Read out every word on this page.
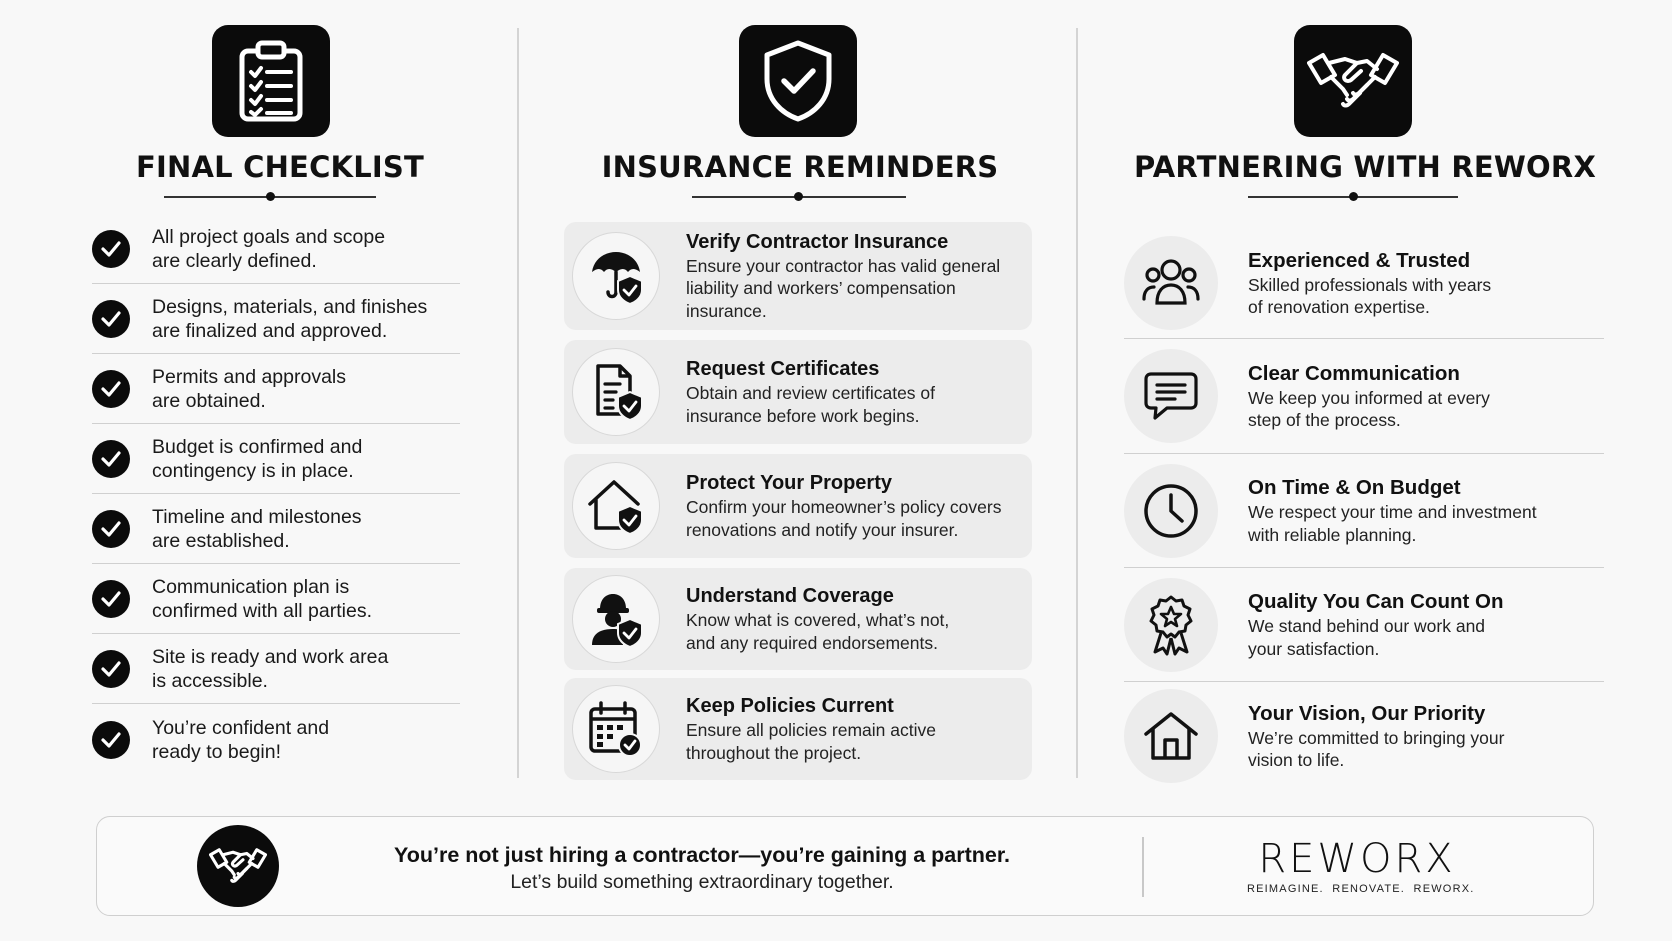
FINAL CHECKLIST
All project goals and scope
are clearly defined.
Designs, materials, and finishes
are finalized and approved.
Permits and approvals
are obtained.
Budget is confirmed and
contingency is in place.
Timeline and milestones
are established.
Communication plan is
confirmed with all parties.
Site is ready and work area
is accessible.
You’re confident and
ready to begin!
INSURANCE REMINDERS
Verify Contractor Insurance
Ensure your contractor has valid general
liability and workers’ compensation
insurance.
Request Certificates
Obtain and review certificates of
insurance before work begins.
Protect Your Property
Confirm your homeowner’s policy covers
renovations and notify your insurer.
Understand Coverage
Know what is covered, what’s not,
and any required endorsements.
Keep Policies Current
Ensure all policies remain active
throughout the project.
PARTNERING WITH REWORX
Experienced & Trusted
Skilled professionals with years
of renovation expertise.
Clear Communication
We keep you informed at every
step of the process.
On Time & On Budget
We respect your time and investment
with reliable planning.
Quality You Can Count On
We stand behind our work and
your satisfaction.
Your Vision, Our Priority
We’re committed to bringing your
vision to life.
You’re not just hiring a contractor—you’re gaining a partner.
Let’s build something extraordinary together.	REWORX
REIMAGINE.  RENOVATE.  REWORX.
